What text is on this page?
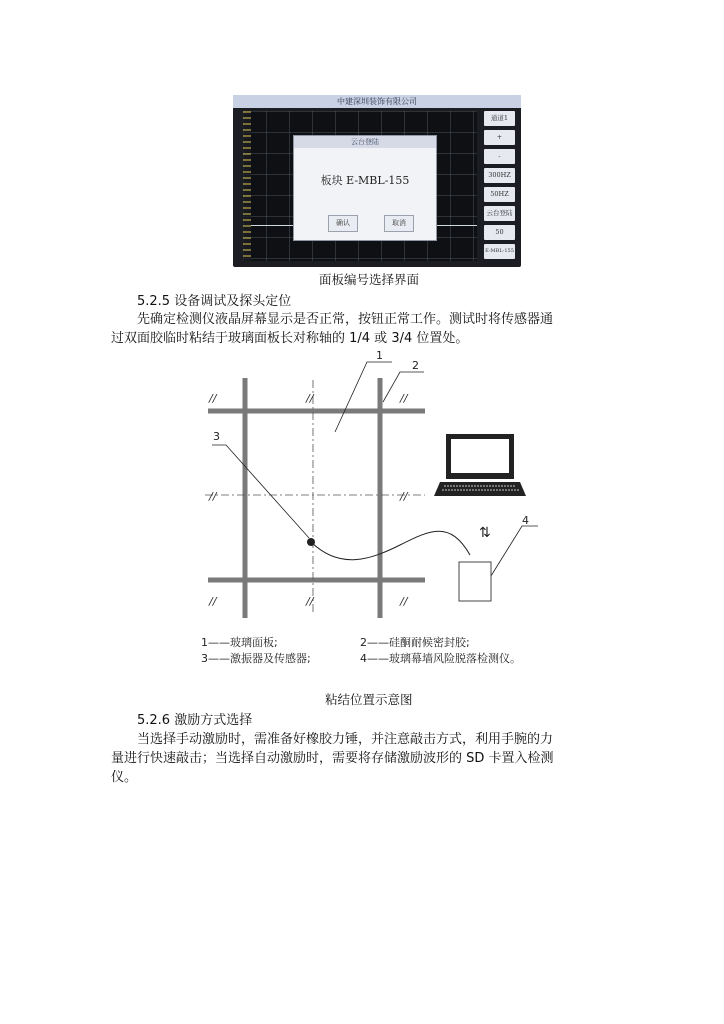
中建深圳装饰有限公司
云台登陆
板块 E-MBL-155
确认	取消
通道1
+
-
300HZ
50HZ
云台登陆
50
E-MBL-155
面板编号选择界面
5.2.5 设备调试及探头定位
先确定检测仪液晶屏幕显示是否正常，按钮正常工作。测试时将传感器通
过双面胶临时粘结于玻璃面板长对称轴的 1/4 或 3/4 位置处。
//	//	//
//	//
//	//	//
1
2
3
4
⇅
1——玻璃面板;	2——硅酮耐候密封胶;
3——激振器及传感器;	4——玻璃幕墙风险脱落检测仪。
粘结位置示意图
5.2.6 激励方式选择
当选择手动激励时，需准备好橡胶力锤，并注意敲击方式，利用手腕的力
量进行快速敲击；当选择自动激励时，需要将存储激励波形的 SD 卡置入检测
仪。
